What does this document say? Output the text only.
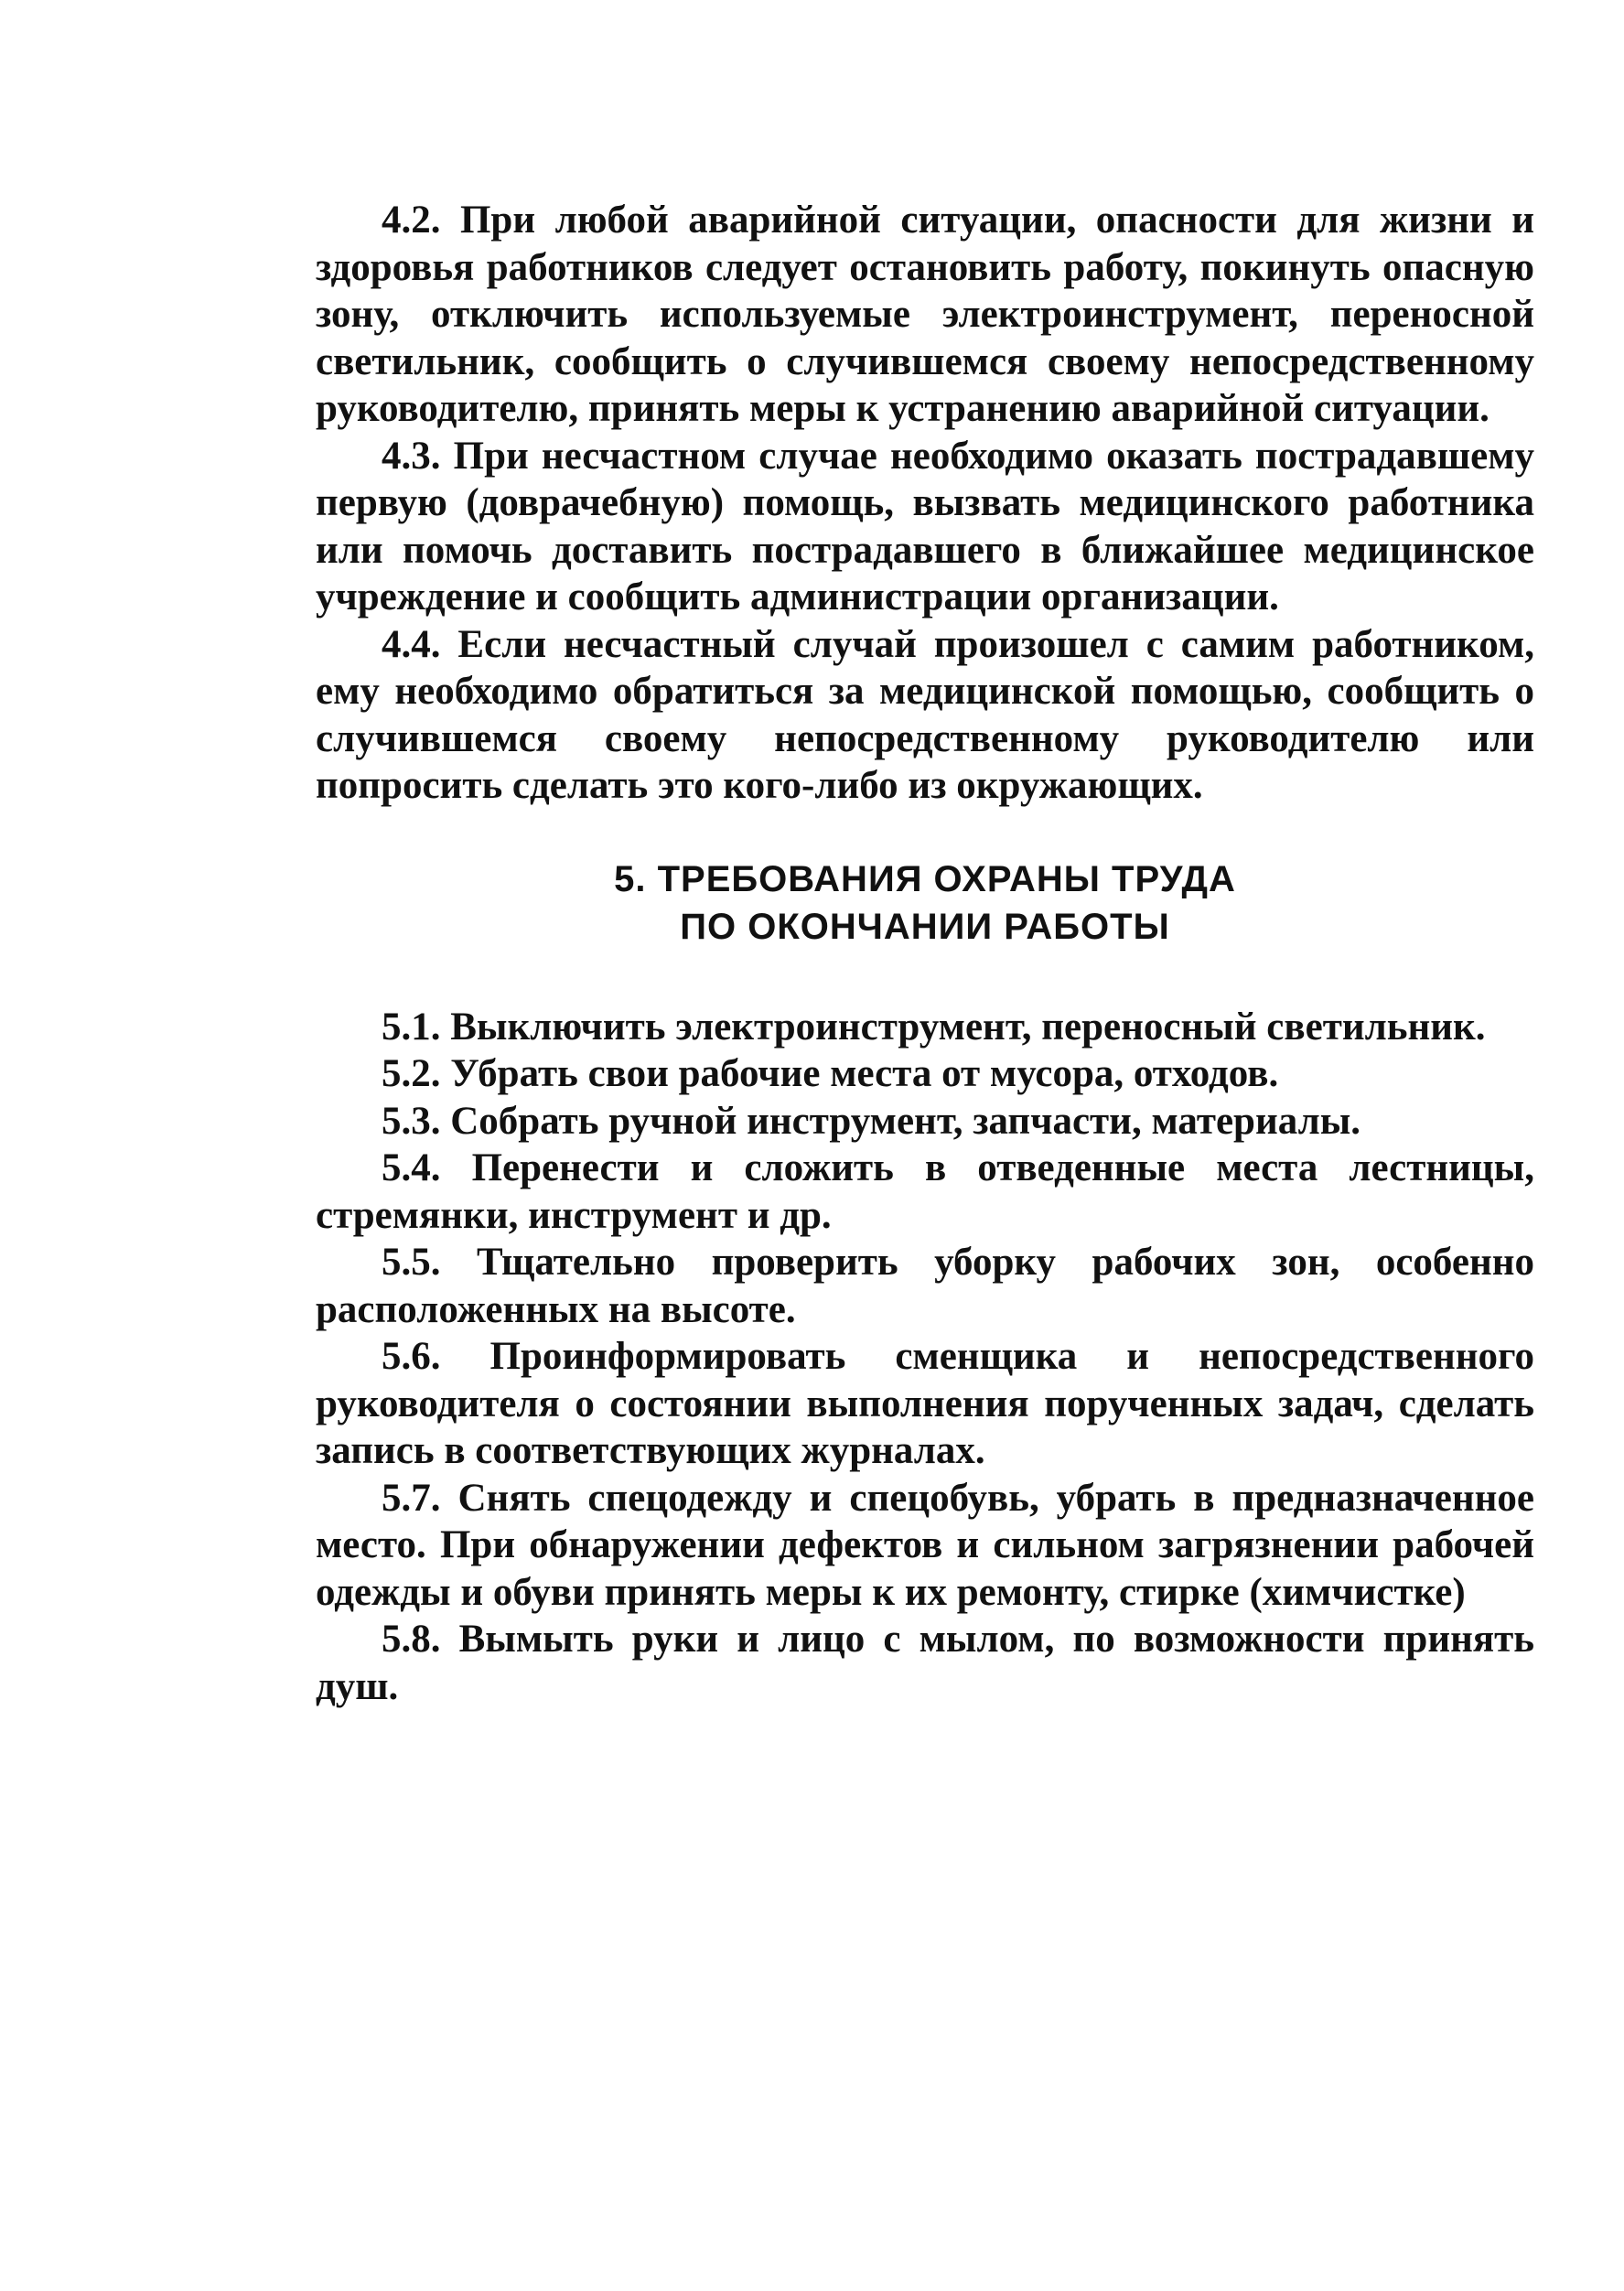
4.2. При любой аварийной ситуации, опасности для жизни и здоровья работников следует остановить работу, покинуть опасную зону, отключить используемые электроинструмент, переносной светильник, сообщить о случившемся своему непосредственному руководителю, принять меры к устранению аварийной ситуации.

4.3. При несчастном случае необходимо оказать пострадавшему первую (доврачебную) помощь, вызвать медицинского работника или помочь доставить пострадавшего в ближайшее медицинское учреждение и сообщить администрации организации.

4.4. Если несчастный случай произошел с самим работником, ему необходимо обратиться за медицинской помощью, сообщить о случившемся своему непосредственному руководителю или попросить сделать это кого-либо из окружающих.

5. ТРЕБОВАНИЯ ОХРАНЫ ТРУДА
ПО ОКОНЧАНИИ РАБОТЫ

5.1. Выключить электроинструмент, переносный светильник.

5.2. Убрать свои рабочие места от мусора, отходов.

5.3. Собрать ручной инструмент, запчасти, материалы.

5.4. Перенести и сложить в отведенные места лестницы, стремянки, инструмент и др.

5.5. Тщательно проверить уборку рабочих зон, особенно расположенных на высоте.

5.6. Проинформировать сменщика и непосредственного руководителя о состоянии выполнения порученных задач, сделать запись в соответствующих журналах.

5.7. Снять спецодежду и спецобувь, убрать в предназначенное место. При обнаружении дефектов и сильном загрязнении рабочей одежды и обуви принять меры к их ремонту, стирке (химчистке)

5.8. Вымыть руки и лицо с мылом, по возможности принять душ.
